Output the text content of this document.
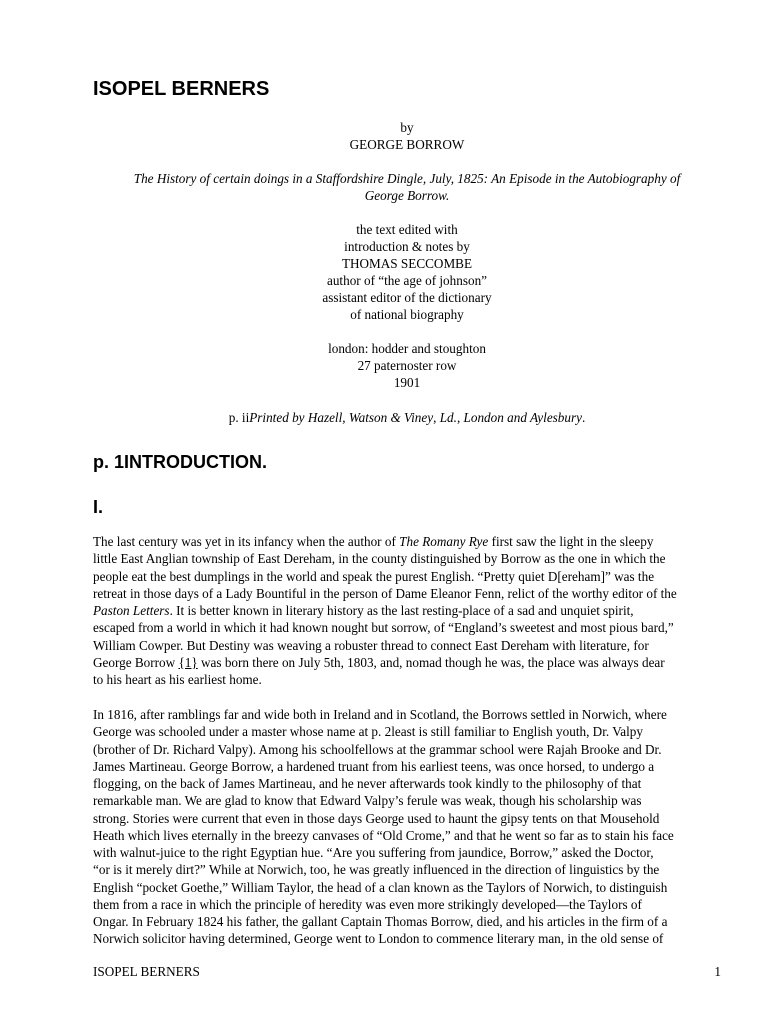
ISOPEL BERNERS

by

GEORGE BORROW

The History of certain doings in a Staffordshire Dingle, July, 1825: An Episode in the Autobiography of

George Borrow.

the text edited with

introduction & notes by

THOMAS SECCOMBE

author of “the age of johnson”

assistant editor of the dictionary

of national biography

london: hodder and stoughton

27 paternoster row

1901

p. iiPrinted by Hazell, Watson & Viney, Ld., London and Aylesbury.

p. 1INTRODUCTION.
I.

The last century was yet in its infancy when the author of The Romany Rye first saw the light in the sleepy
little East Anglian township of East Dereham, in the county distinguished by Borrow as the one in which the
people eat the best dumplings in the world and speak the purest English. “Pretty quiet D[ereham]” was the
retreat in those days of a Lady Bountiful in the person of Dame Eleanor Fenn, relict of the worthy editor of the
Paston Letters. It is better known in literary history as the last resting-place of a sad and unquiet spirit,
escaped from a world in which it had known nought but sorrow, of “England’s sweetest and most pious bard,”
William Cowper. But Destiny was weaving a robuster thread to connect East Dereham with literature, for
George Borrow {1} was born there on July 5th, 1803, and, nomad though he was, the place was always dear
to his heart as his earliest home.

In 1816, after ramblings far and wide both in Ireland and in Scotland, the Borrows settled in Norwich, where
George was schooled under a master whose name at p. 2least is still familiar to English youth, Dr. Valpy
(brother of Dr. Richard Valpy). Among his schoolfellows at the grammar school were Rajah Brooke and Dr.
James Martineau. George Borrow, a hardened truant from his earliest teens, was once horsed, to undergo a
flogging, on the back of James Martineau, and he never afterwards took kindly to the philosophy of that
remarkable man. We are glad to know that Edward Valpy’s ferule was weak, though his scholarship was
strong. Stories were current that even in those days George used to haunt the gipsy tents on that Mousehold
Heath which lives eternally in the breezy canvases of “Old Crome,” and that he went so far as to stain his face
with walnut-juice to the right Egyptian hue. “Are you suffering from jaundice, Borrow,” asked the Doctor,
“or is it merely dirt?” While at Norwich, too, he was greatly influenced in the direction of linguistics by the
English “pocket Goethe,” William Taylor, the head of a clan known as the Taylors of Norwich, to distinguish
them from a race in which the principle of heredity was even more strikingly developed—the Taylors of
Ongar. In February 1824 his father, the gallant Captain Thomas Borrow, died, and his articles in the firm of a
Norwich solicitor having determined, George went to London to commence literary man, in the old sense of

ISOPEL BERNERS	1
